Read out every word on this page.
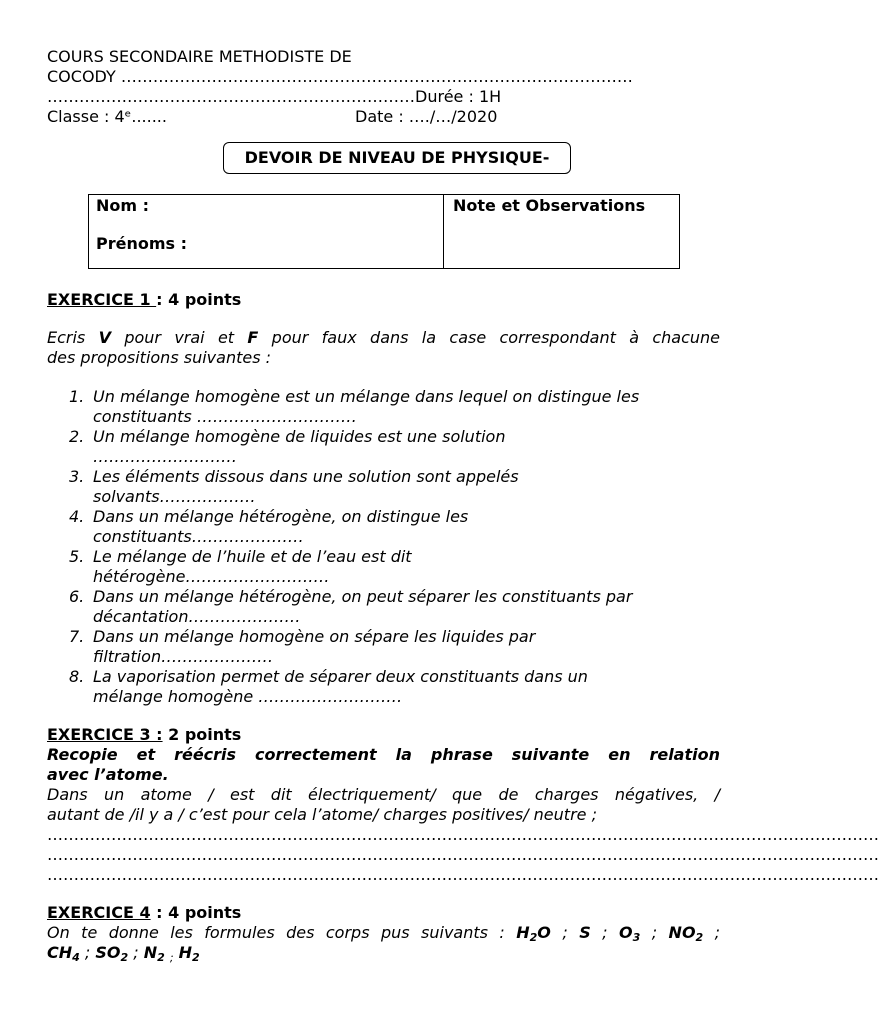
COURS SECONDAIRE METHODISTE DE
COCODY ……………………………………………………………………………………
……………………………………………………………Durée : 1H
Classe : 4ᵉ.......	Date : …./…/2020
DEVOIR DE NIVEAU DE PHYSIQUE-
Nom :
Prénoms :
Note et Observations
EXERCICE 1 : 4 points
Ecris V pour vrai et F pour faux dans la case correspondant à chacune
des propositions suivantes :
1. Un mélange homogène est un mélange dans lequel on distingue les
constituants …………………………
2. Un mélange homogène de liquides est une solution
………………………
3. Les éléments dissous dans une solution sont appelés
solvants………………
4. Dans un mélange hétérogène, on distingue les
constituants…………………
5. Le mélange de l’huile et de l’eau est dit
hétérogène………………………
6. Dans un mélange hétérogène, on peut séparer les constituants par
décantation…………………
7. Dans un mélange homogène on sépare les liquides par
filtration…………………
8. La vaporisation permet de séparer deux constituants dans un
mélange homogène ………………………
EXERCICE 3 : 2 points
Recopie et réécris correctement la phrase suivante en relation
avec l’atome.
Dans un atome / est dit électriquement/ que de charges négatives, /
autant de /il y a / c’est pour cela l’atome/ charges positives/ neutre ;
…………………………………………………………………………………………………………………………………………
…………………………………………………………………………………………………………………………………………
…………………………………………………………………………………………………………………………………………
EXERCICE 4 : 4 points
On te donne les formules des corps pus suivants : $H_2O$ ; S ; $O_3$ ; $NO_2$ ;
$CH_4$ ; $SO_2$ ; $N_2$ $_;$ $H_2$
